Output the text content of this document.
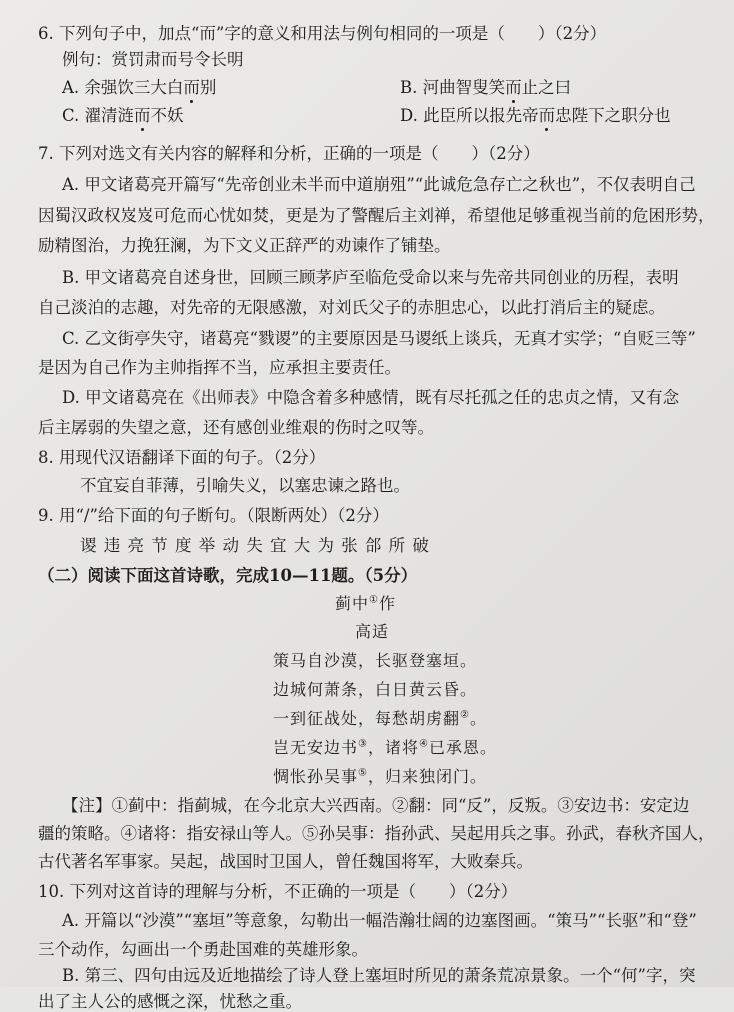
6. 下列句子中，加点“而”字的意义和用法与例句相同的一项是（　　）（2分）
例句：赏罚肃而号令长明
A. 余强饮三大白而别	B. 河曲智叟笑而止之曰
C. 濯清涟而不妖	D. 此臣所以报先帝而忠陛下之职分也
7. 下列对选文有关内容的解释和分析，正确的一项是（　　）（2分）
A. 甲文诸葛亮开篇写“先帝创业未半而中道崩殂”“此诚危急存亡之秋也”，不仅表明自己
因蜀汉政权岌岌可危而心忧如焚，更是为了警醒后主刘禅，希望他足够重视当前的危困形势，
励精图治，力挽狂澜，为下文义正辞严的劝谏作了铺垫。
B. 甲文诸葛亮自述身世，回顾三顾茅庐至临危受命以来与先帝共同创业的历程，表明
自己淡泊的志趣，对先帝的无限感激，对刘氏父子的赤胆忠心，以此打消后主的疑虑。
C. 乙文街亭失守，诸葛亮“戮谡”的主要原因是马谡纸上谈兵，无真才实学；“自贬三等”
是因为自己作为主帅指挥不当，应承担主要责任。
D. 甲文诸葛亮在《出师表》中隐含着多种感情，既有尽托孤之任的忠贞之情，又有念
后主孱弱的失望之意，还有感创业维艰的伤时之叹等。
8. 用现代汉语翻译下面的句子。（2分）
不宜妄自菲薄，引喻失义，以塞忠谏之路也。
9. 用“/”给下面的句子断句。（限断两处）（2分）
谡 违 亮 节 度 举 动 失 宜 大 为 张 郃 所 破
（二）阅读下面这首诗歌，完成10—11题。（5分）
蓟中①作
高适
策马自沙漠，长驱登塞垣。
边城何萧条，白日黄云昏。
一到征战处，每愁胡虏翻②。
岂无安边书③，诸将④已承恩。
惆怅孙吴事⑤，归来独闭门。
【注】①蓟中：指蓟城，在今北京大兴西南。②翻：同“反”，反叛。③安边书：安定边
疆的策略。④诸将：指安禄山等人。⑤孙吴事：指孙武、吴起用兵之事。孙武，春秋齐国人，
古代著名军事家。吴起，战国时卫国人，曾任魏国将军，大败秦兵。
10. 下列对这首诗的理解与分析，不正确的一项是（　　）（2分）
A. 开篇以“沙漠”“塞垣”等意象，勾勒出一幅浩瀚壮阔的边塞图画。“策马”“长驱”和“登”
三个动作，勾画出一个勇赴国难的英雄形象。
B. 第三、四句由远及近地描绘了诗人登上塞垣时所见的萧条荒凉景象。一个“何”字，突
出了主人公的感慨之深，忧愁之重。
